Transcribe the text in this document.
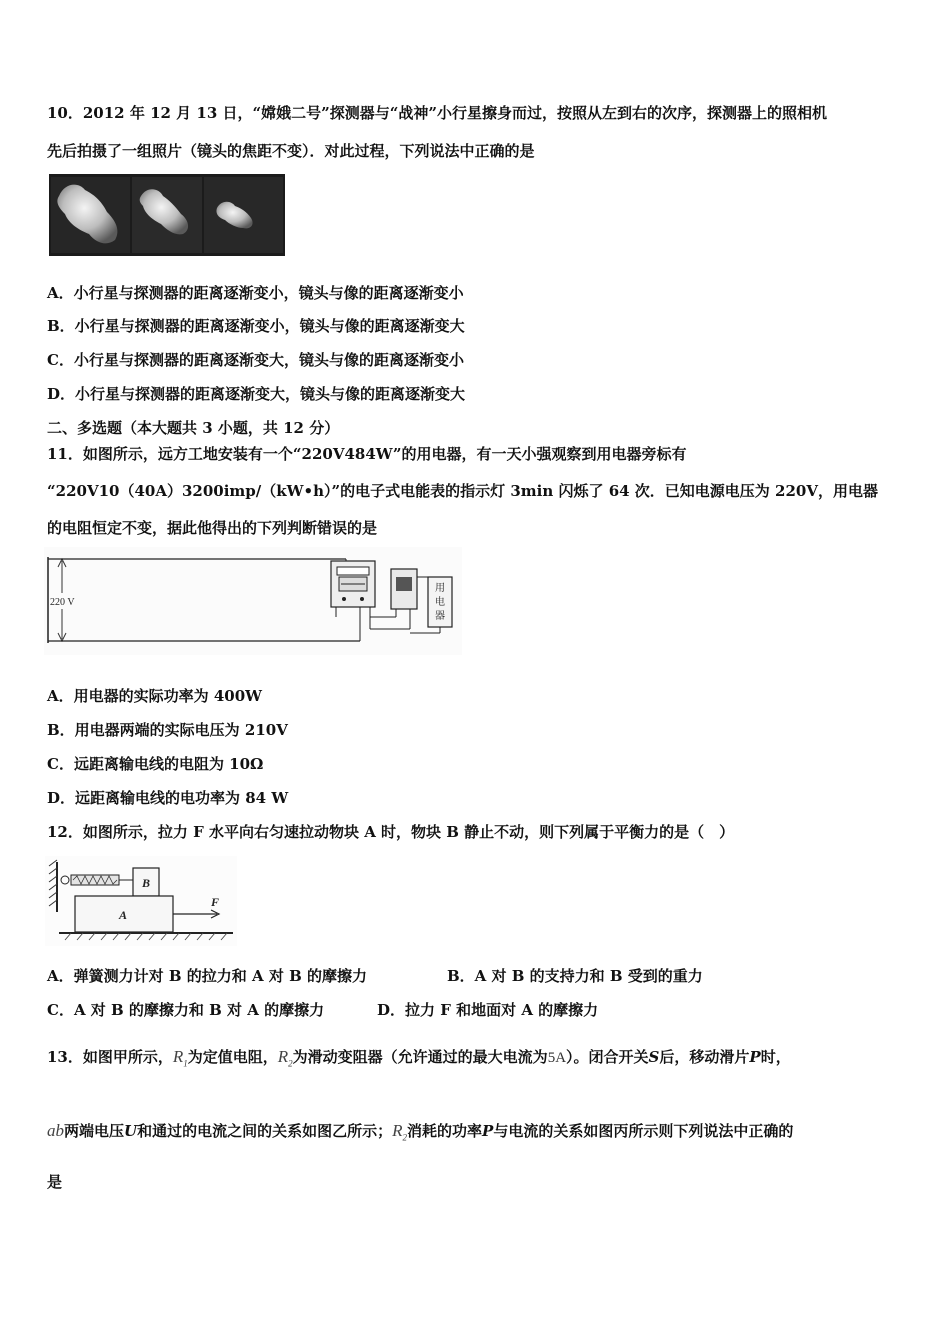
10．2012 年 12 月 13 日，“嫦娥二号”探测器与“战神”小行星擦身而过，按照从左到右的次序，探测器上的照相机
先后拍摄了一组照片（镜头的焦距不变）．对此过程，下列说法中正确的是
A．小行星与探测器的距离逐渐变小，镜头与像的距离逐渐变小
B．小行星与探测器的距离逐渐变小，镜头与像的距离逐渐变大
C．小行星与探测器的距离逐渐变大，镜头与像的距离逐渐变小
D．小行星与探测器的距离逐渐变大，镜头与像的距离逐渐变大
二、多选题（本大题共 3 小题，共 12 分）
11．如图所示，远方工地安装有一个“220V484W”的用电器，有一天小强观察到用电器旁标有
“220V10（40A）3200imp/（kW•h）”的电子式电能表的指示灯 3min 闪烁了 64 次．已知电源电压为 220V，用电器
的电阻恒定不变，据此他得出的下列判断错误的是
220 V
用
电
器
A．用电器的实际功率为 400W
B．用电器两端的实际电压为 210V
C．远距离输电线的电阻为 10Ω
D．远距离输电线的电功率为 84 W
12．如图所示，拉力 F 水平向右匀速拉动物块 A 时，物块 B 静止不动，则下列属于平衡力的是（　）
B
A
F
A．弹簧测力计对 B 的拉力和 A 对 B 的摩擦力	B．A 对 B 的支持力和 B 受到的重力
C．A 对 B 的摩擦力和 B 对 A 的摩擦力	D．拉力 F 和地面对 A 的摩擦力
13．如图甲所示，$R_1$为定值电阻，$R_2$为滑动变阻器（允许通过的最大电流为5A）。闭合开关S后，移动滑片P时，
ab两端电压U和通过的电流之间的关系如图乙所示；$R_2$消耗的功率P与电流的关系如图丙所示则下列说法中正确的
是
